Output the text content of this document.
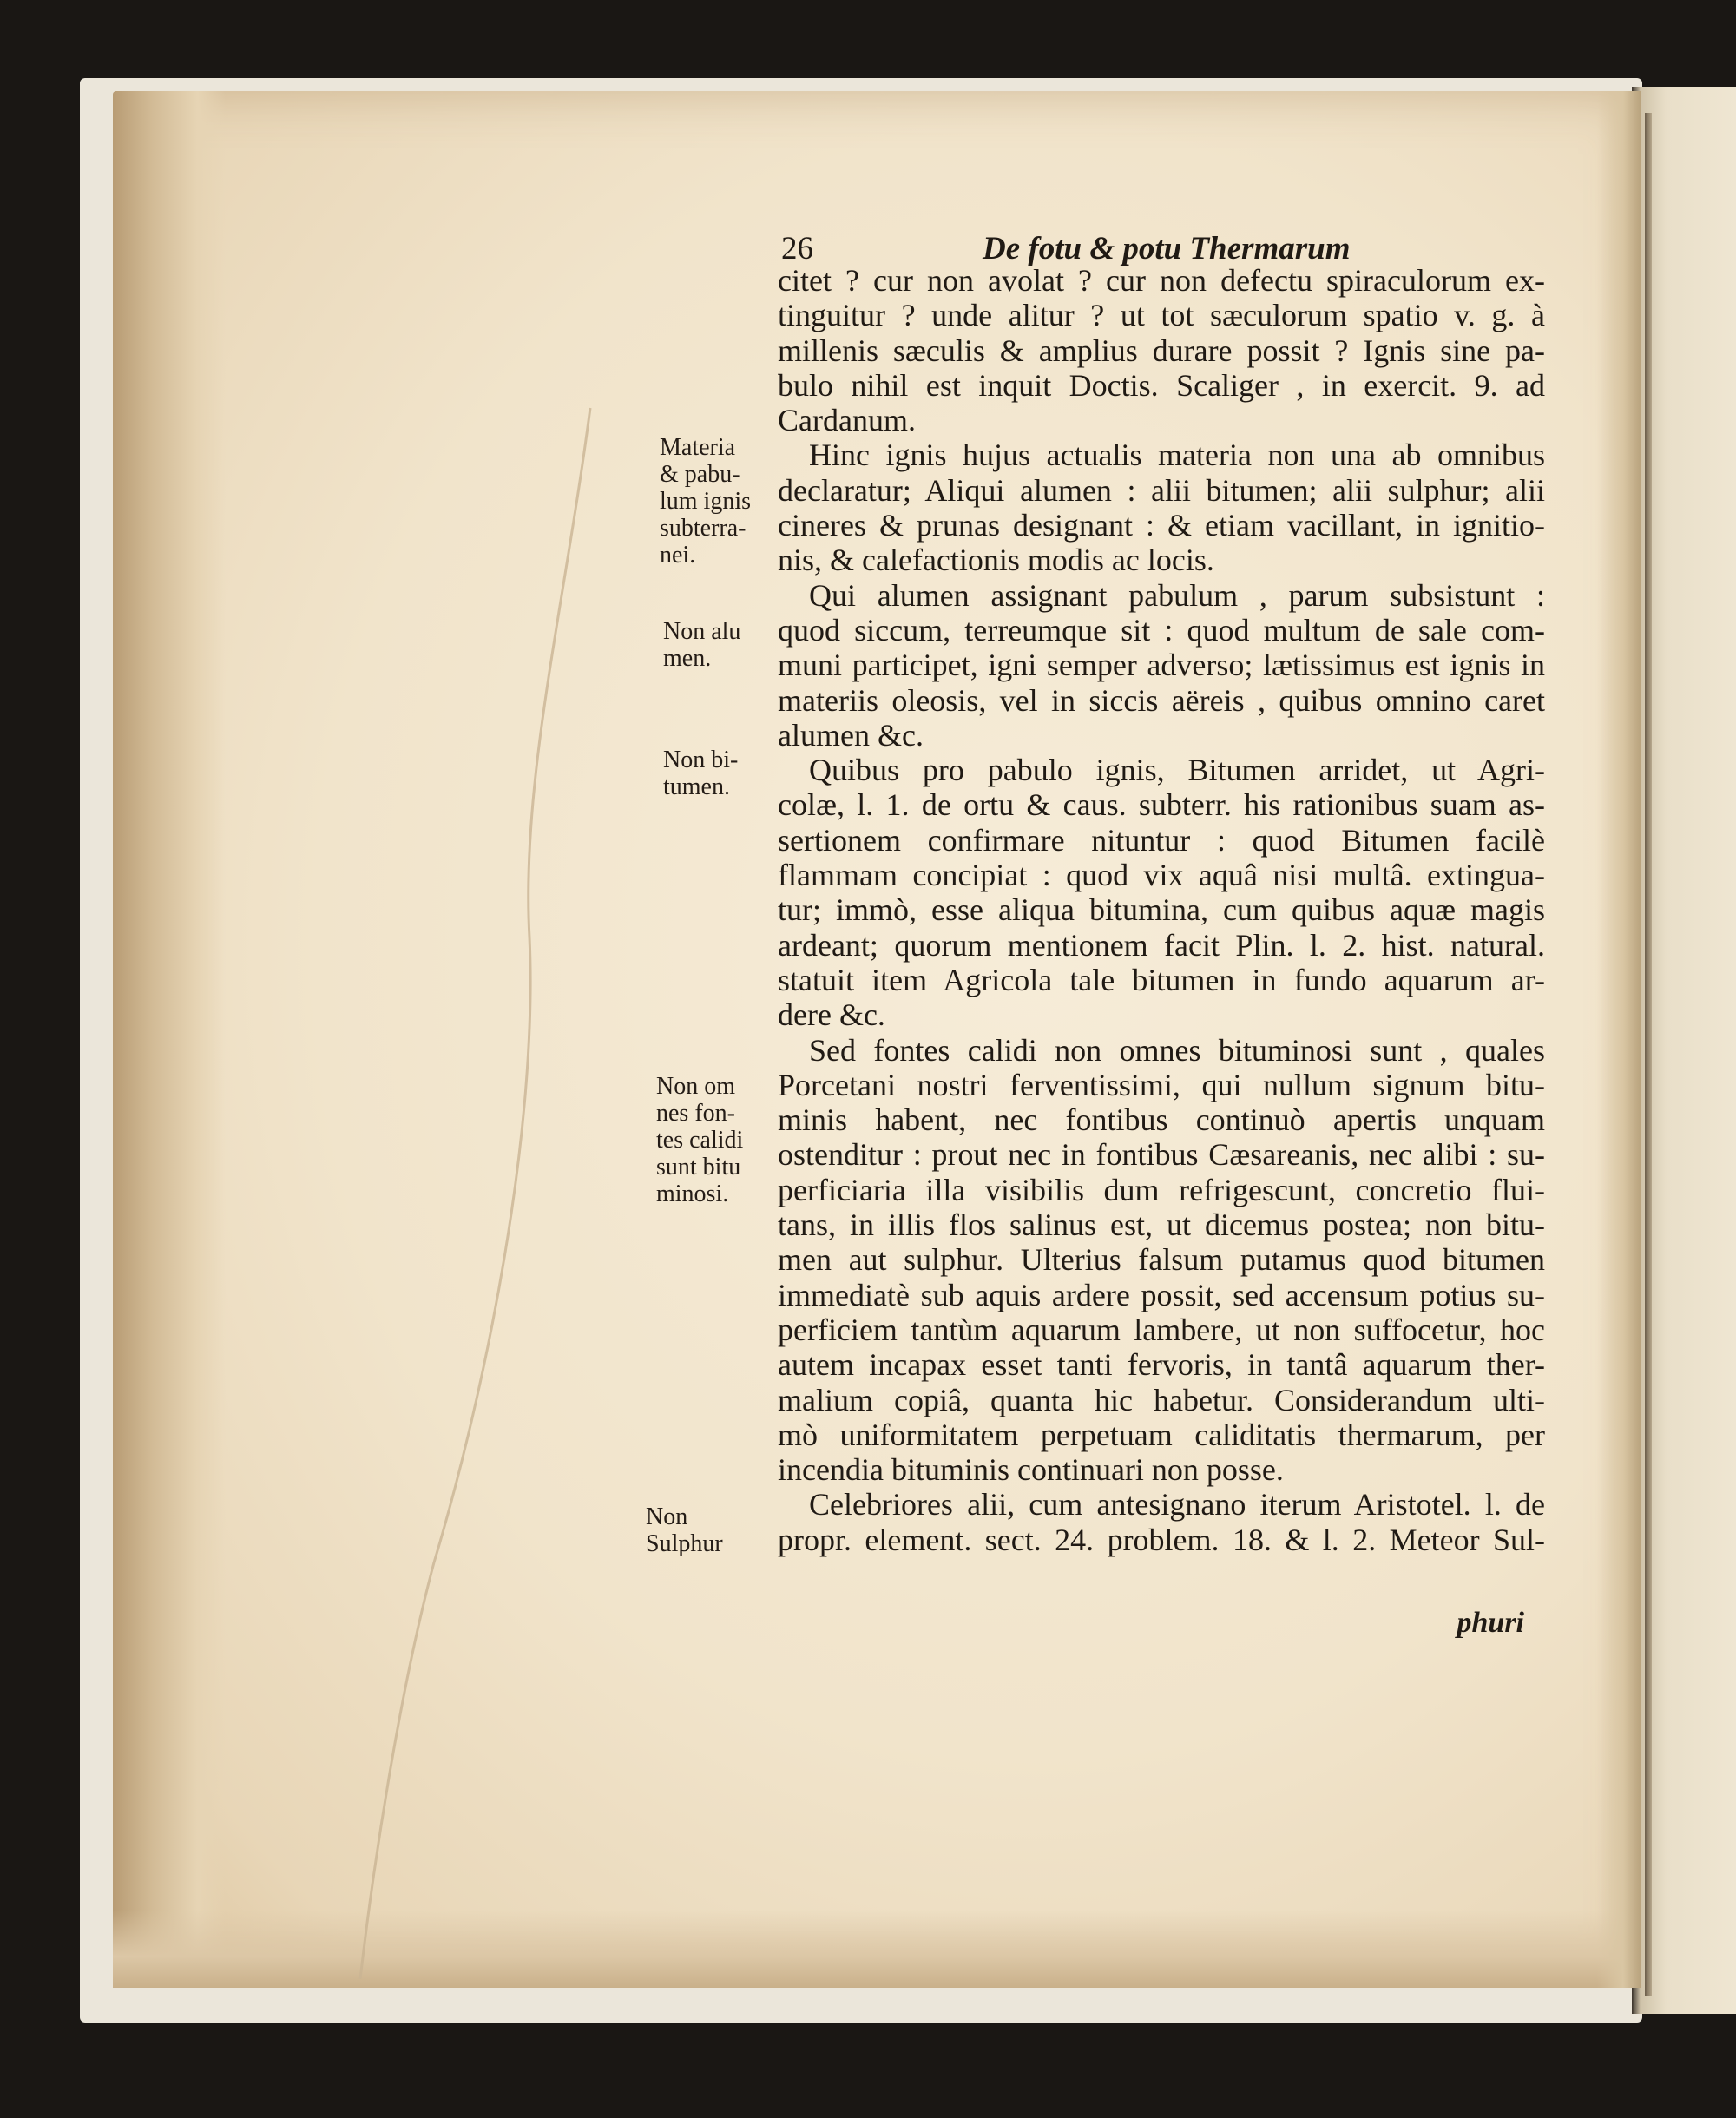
26	De fotu & potu Thermarum
citet ? cur non avolat ? cur non defectu spiraculorum ex-
tinguitur ? unde alitur ? ut tot sæculorum spatio v. g. à
millenis sæculis & amplius durare possit ? Ignis sine pa-
bulo nihil est inquit Doctis. Scaliger , in exercit. 9. ad
Cardanum.
Hinc ignis hujus actualis materia non una ab omnibus
declaratur; Aliqui alumen : alii bitumen; alii sulphur; alii
cineres & prunas designant : & etiam vacillant, in ignitio-
nis, & calefactionis modis ac locis.
Qui alumen assignant pabulum , parum subsistunt :
quod siccum, terreumque sit : quod multum de sale com-
muni participet, igni semper adverso; lætissimus est ignis in
materiis oleosis, vel in siccis aëreis , quibus omnino caret
alumen &c.
Quibus pro pabulo ignis, Bitumen arridet, ut Agri-
colæ, l. 1. de ortu & caus. subterr. his rationibus suam as-
sertionem confirmare nituntur : quod Bitumen facilè
flammam concipiat : quod vix aquâ nisi multâ. extingua-
tur; immò, esse aliqua bitumina, cum quibus aquæ magis
ardeant; quorum mentionem facit Plin. l. 2. hist. natural.
statuit item Agricola tale bitumen in fundo aquarum ar-
dere &c.
Sed fontes calidi non omnes bituminosi sunt , quales
Porcetani nostri ferventissimi, qui nullum signum bitu-
minis habent, nec fontibus continuò apertis unquam
ostenditur : prout nec in fontibus Cæsareanis, nec alibi : su-
perficiaria illa visibilis dum refrigescunt, concretio flui-
tans, in illis flos salinus est, ut dicemus postea; non bitu-
men aut sulphur. Ulterius falsum putamus quod bitumen
immediatè sub aquis ardere possit, sed accensum potius su-
perficiem tantùm aquarum lambere, ut non suffocetur, hoc
autem incapax esset tanti fervoris, in tantâ aquarum ther-
malium copiâ, quanta hic habetur. Considerandum ulti-
mò uniformitatem perpetuam caliditatis thermarum, per
incendia bituminis continuari non posse.
Celebriores alii, cum antesignano iterum Aristotel. l. de
propr. element. sect. 24. problem. 18. & l. 2. Meteor Sul-
phuri
Materia
& pabu-
lum ignis
subterra-
nei.
Non alu
men.
Non bi-
tumen.
Non om
nes fon-
tes calidi
sunt bitu
minosi.
Non
Sulphur
